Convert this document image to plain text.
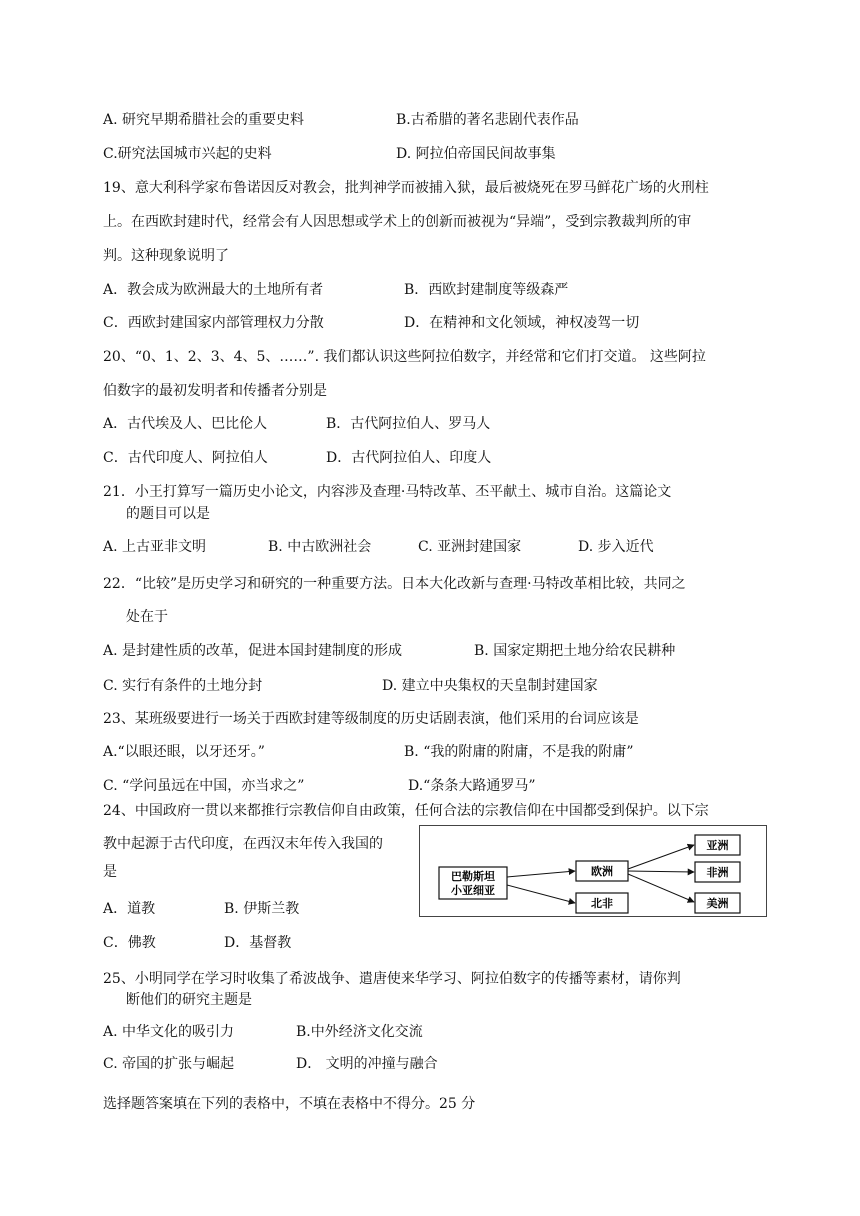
A. 研究早期希腊社会的重要史料	B.古希腊的著名悲剧代表作品
C.研究法国城市兴起的史料	D. 阿拉伯帝国民间故事集
19、意大利科学家布鲁诺因反对教会，批判神学而被捕入狱，最后被烧死在罗马鲜花广场的火刑柱
上。在西欧封建时代，经常会有人因思想或学术上的创新而被视为“异端”，受到宗教裁判所的审
判。这种现象说明了
A．教会成为欧洲最大的土地所有者	B．西欧封建制度等级森严
C．西欧封建国家内部管理权力分散	D．在精神和文化领域，神权凌驾一切
20、“0、1、2、3、4、5、……”. 我们都认识这些阿拉伯数字，并经常和它们打交道。 这些阿拉
伯数字的最初发明者和传播者分别是
A．古代埃及人、巴比伦人	B．古代阿拉伯人、罗马人
C．古代印度人、阿拉伯人	D．古代阿拉伯人、印度人
21．小王打算写一篇历史小论文，内容涉及查理·马特改革、丕平献土、城市自治。这篇论文
的题目可以是
A. 上古亚非文明	B. 中古欧洲社会	C. 亚洲封建国家	D. 步入近代
22．“比较”是历史学习和研究的一种重要方法。日本大化改新与查理·马特改革相比较，共同之
处在于
A. 是封建性质的改革，促进本国封建制度的形成	B. 国家定期把土地分给农民耕种
C. 实行有条件的土地分封	D. 建立中央集权的天皇制封建国家
23、某班级要进行一场关于西欧封建等级制度的历史话剧表演，他们采用的台词应该是
A.“以眼还眼，以牙还牙。”	B. “我的附庸的附庸，不是我的附庸”
C. “学问虽远在中国，亦当求之”	D.“条条大路通罗马”
24、中国政府一贯以来都推行宗教信仰自由政策，任何合法的宗教信仰在中国都受到保护。以下宗
教中起源于古代印度，在西汉末年传入我国的
是
A．道教	B. 伊斯兰教
C．佛教	D．基督教
巴勒斯坦
小亚细亚
欧洲
北非
亚洲
非洲
美洲
25、小明同学在学习时收集了希波战争、遣唐使来华学习、阿拉伯数字的传播等素材，请你判
断他们的研究主题是
A. 中华文化的吸引力	B.中外经济文化交流
C. 帝国的扩张与崛起	D． 文明的冲撞与融合
选择题答案填在下列的表格中，不填在表格中不得分。25 分
